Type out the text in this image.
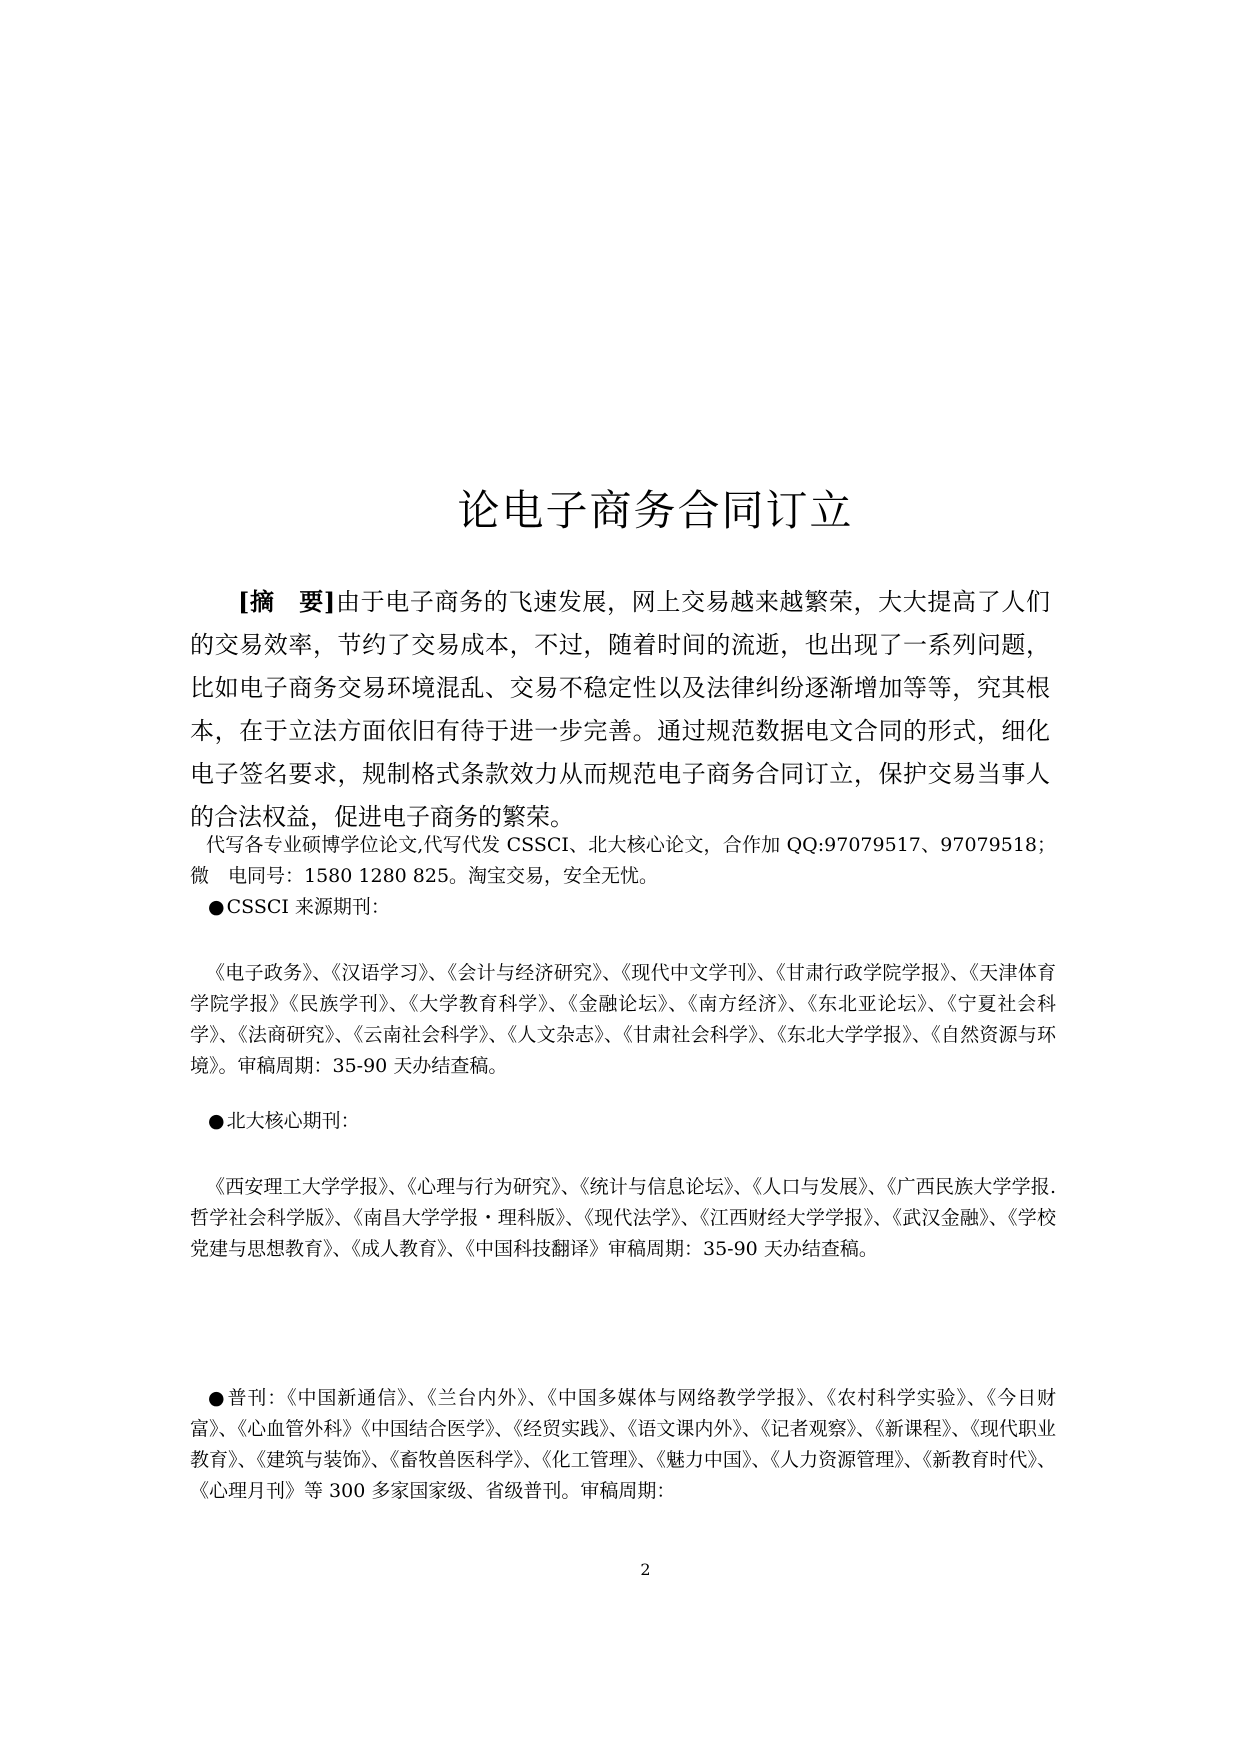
论电子商务合同订立
[摘　要]由于电子商务的飞速发展，网上交易越来越繁荣，大大提高了人们的交易效率，节约了交易成本，不过，随着时间的流逝，也出现了一系列问题，比如电子商务交易环境混乱、交易不稳定性以及法律纠纷逐渐增加等等，究其根本，在于立法方面依旧有待于进一步完善。通过规范数据电文合同的形式，细化电子签名要求，规制格式条款效力从而规范电子商务合同订立，保护交易当事人的合法权益，促进电子商务的繁荣。
代写各专业硕博学位论文,代写代发 CSSCI、北大核心论文，合作加 QQ:97079517、97079518；微　电同号：1580 1280 825。淘宝交易，安全无忧。
● CSSCI 来源期刊：
《电子政务》、《汉语学习》、《会计与经济研究》、《现代中文学刊》、《甘肃行政学院学报》、《天津体育学院学报》《民族学刊》、《大学教育科学》、《金融论坛》、《南方经济》、《东北亚论坛》、《宁夏社会科学》、《法商研究》、《云南社会科学》、《人文杂志》、《甘肃社会科学》、《东北大学学报》、《自然资源与环境》。审稿周期：35-90 天办结查稿。
● 北大核心期刊：
《西安理工大学学报》、《心理与行为研究》、《统计与信息论坛》、《人口与发展》、《广西民族大学学报.哲学社会科学版》、《南昌大学学报・理科版》、《现代法学》、《江西财经大学学报》、《武汉金融》、《学校党建与思想教育》、《成人教育》、《中国科技翻译》审稿周期：35-90 天办结查稿。
● 普刊：《中国新通信》、《兰台内外》、《中国多媒体与网络教学学报》、《农村科学实验》、《今日财富》、《心血管外科》《中国结合医学》、《经贸实践》、《语文课内外》、《记者观察》、《新课程》、《现代职业教育》、《建筑与装饰》、《畜牧兽医科学》、《化工管理》、《魅力中国》、《人力资源管理》、《新教育时代》、《心理月刊》等 300 多家国家级、省级普刊。审稿周期：
2
